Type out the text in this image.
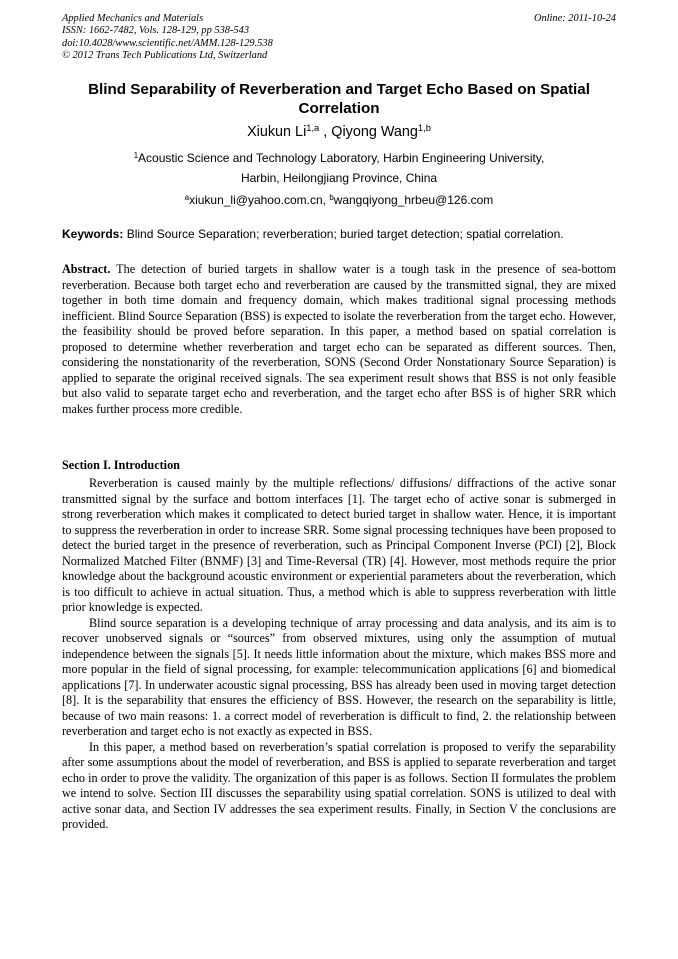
Applied Mechanics and Materials
ISSN: 1662-7482, Vols. 128-129, pp 538-543
doi:10.4028/www.scientific.net/AMM.128-129.538
© 2012 Trans Tech Publications Ltd, Switzerland
Online: 2011-10-24
Blind Separability of Reverberation and Target Echo Based on Spatial Correlation
Xiukun Li$^{1,a}$ , Qiyong Wang$^{1,b}$
$^1$Acoustic Science and Technology Laboratory, Harbin Engineering University,
Harbin, Heilongjiang Province, China
$^a$xiukun_li@yahoo.com.cn, $^b$wangqiyong_hrbeu@126.com
Keywords: Blind Source Separation; reverberation; buried target detection; spatial correlation.

Abstract. The detection of buried targets in shallow water is a tough task in the presence of sea-bottom reverberation. Because both target echo and reverberation are caused by the transmitted signal, they are mixed together in both time domain and frequency domain, which makes traditional signal processing methods inefficient. Blind Source Separation (BSS) is expected to isolate the reverberation from the target echo. However, the feasibility should be proved before separation. In this paper, a method based on spatial correlation is proposed to determine whether reverberation and target echo can be separated as different sources. Then, considering the nonstationarity of the reverberation, SONS (Second Order Nonstationary Source Separation) is applied to separate the original received signals. The sea experiment result shows that BSS is not only feasible but also valid to separate target echo and reverberation, and the target echo after BSS is of higher SRR which makes further process more credible.

Section I. Introduction

Reverberation is caused mainly by the multiple reflections/ diffusions/ diffractions of the active sonar transmitted signal by the surface and bottom interfaces [1]. The target echo of active sonar is submerged in strong reverberation which makes it complicated to detect buried target in shallow water. Hence, it is important to suppress the reverberation in order to increase SRR. Some signal processing techniques have been proposed to detect the buried target in the presence of reverberation, such as Principal Component Inverse (PCI) [2], Block Normalized Matched Filter (BNMF) [3] and Time-Reversal (TR) [4]. However, most methods require the prior knowledge about the background acoustic environment or experiential parameters about the reverberation, which is too difficult to achieve in actual situation. Thus, a method which is able to suppress reverberation with little prior knowledge is expected.

Blind source separation is a developing technique of array processing and data analysis, and its aim is to recover unobserved signals or “sources” from observed mixtures, using only the assumption of mutual independence between the signals [5]. It needs little information about the mixture, which makes BSS more and more popular in the field of signal processing, for example: telecommunication applications [6] and biomedical applications [7]. In underwater acoustic signal processing, BSS has already been used in moving target detection [8]. It is the separability that ensures the efficiency of BSS. However, the research on the separability is little, because of two main reasons: 1. a correct model of reverberation is difficult to find, 2. the relationship between reverberation and target echo is not exactly as expected in BSS.

In this paper, a method based on reverberation’s spatial correlation is proposed to verify the separability after some assumptions about the model of reverberation, and BSS is applied to separate reverberation and target echo in order to prove the validity. The organization of this paper is as follows. Section II formulates the problem we intend to solve. Section III discusses the separability using spatial correlation. SONS is utilized to deal with active sonar data, and Section IV addresses the sea experiment results. Finally, in Section V the conclusions are provided.
